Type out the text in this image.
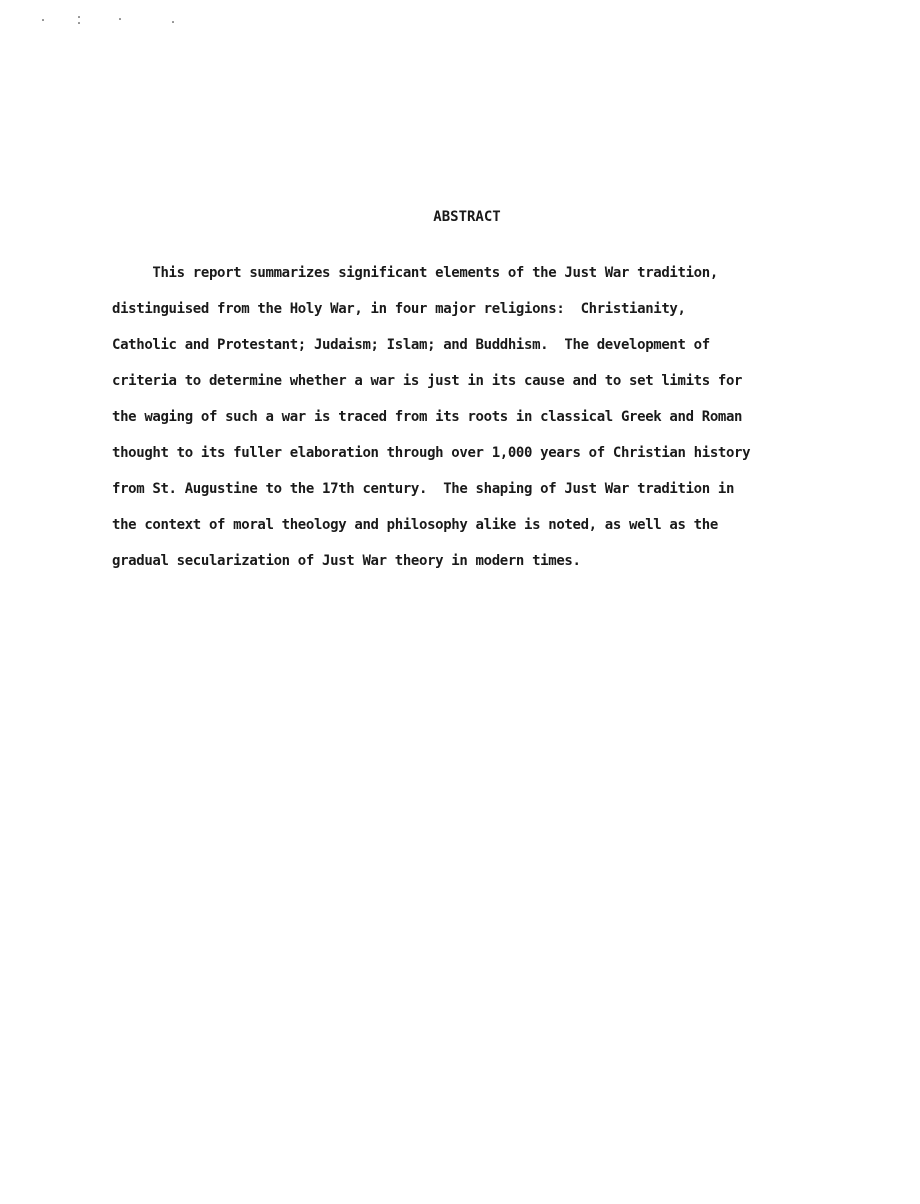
ABSTRACT
This report summarizes significant elements of the Just War tradition,
distinguised from the Holy War, in four major religions:  Christianity,
Catholic and Protestant; Judaism; Islam; and Buddhism.  The development of
criteria to determine whether a war is just in its cause and to set limits for
the waging of such a war is traced from its roots in classical Greek and Roman
thought to its fuller elaboration through over 1,000 years of Christian history
from St. Augustine to the 17th century.  The shaping of Just War tradition in
the context of moral theology and philosophy alike is noted, as well as the
gradual secularization of Just War theory in modern times.
